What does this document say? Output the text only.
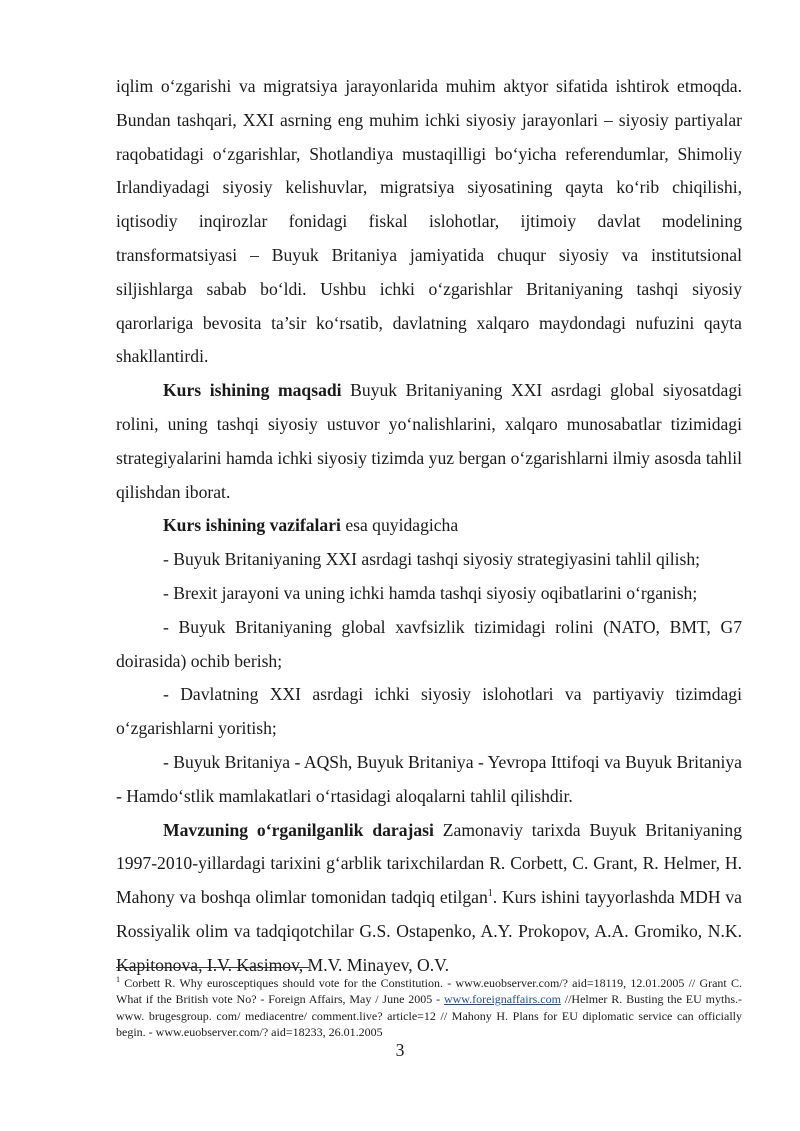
iqlim o‘zgarishi va migratsiya jarayonlarida muhim aktyor sifatida ishtirok etmoqda. Bundan tashqari, XXI asrning eng muhim ichki siyosiy jarayonlari – siyosiy partiyalar raqobatidagi o‘zgarishlar, Shotlandiya mustaqilligi bo‘yicha referendumlar, Shimoliy Irlandiyadagi siyosiy kelishuvlar, migratsiya siyosatining qayta ko‘rib chiqilishi, iqtisodiy inqirozlar fonidagi fiskal islohotlar, ijtimoiy davlat modelining transformatsiyasi – Buyuk Britaniya jamiyatida chuqur siyosiy va institutsional siljishlarga sabab bo‘ldi. Ushbu ichki o‘zgarishlar Britaniyaning tashqi siyosiy qarorlariga bevosita ta’sir ko‘rsatib, davlatning xalqaro maydondagi nufuzini qayta shakllantirdi.

Kurs ishining maqsadi Buyuk Britaniyaning XXI asrdagi global siyosatdagi rolini, uning tashqi siyosiy ustuvor yo‘nalishlarini, xalqaro munosabatlar tizimidagi strategiyalarini hamda ichki siyosiy tizimda yuz bergan o‘zgarishlarni ilmiy asosda tahlil qilishdan iborat.

Kurs ishining vazifalari esa quyidagicha

- Buyuk Britaniyaning XXI asrdagi tashqi siyosiy strategiyasini tahlil qilish;

- Brexit jarayoni va uning ichki hamda tashqi siyosiy oqibatlarini o‘rganish;

- Buyuk Britaniyaning global xavfsizlik tizimidagi rolini (NATO, BMT, G7 doirasida) ochib berish;

- Davlatning XXI asrdagi ichki siyosiy islohotlari va partiyaviy tizimdagi o‘zgarishlarni yoritish;

- Buyuk Britaniya - AQSh, Buyuk Britaniya - Yevropa Ittifoqi va Buyuk Britaniya - Hamdo‘stlik mamlakatlari o‘rtasidagi aloqalarni tahlil qilishdir.

Mavzuning o‘rganilganlik darajasi Zamonaviy tarixda Buyuk Britaniyaning 1997-2010-yillardagi tarixini g‘arblik tarixchilardan R. Corbett, C. Grant, R. Helmer, H. Mahony va boshqa olimlar tomonidan tadqiq etilgan$^1$. Kurs ishini tayyorlashda MDH va Rossiyalik olim va tadqiqotchilar G.S. Ostapenko, A.Y. Prokopov, A.A. Gromiko, N.K. Kapitonova, I.V. Kasimov, M.V. Minayev, O.V.

$^1$ Corbett R. Why eurosceptiques should vote for the Constitution. - www.euobserver.com/? aid=18119, 12.01.2005 // Grant C. What if the British vote No? - Foreign Affairs, May / June 2005 - www.foreignaffairs.com //Helmer R. Busting the EU myths.- www. brugesgroup. com/ mediacentre/ comment.live? article=12 // Mahony H. Plans for EU diplomatic service can officially begin. - www.euobserver.com/? aid=18233, 26.01.2005
3
